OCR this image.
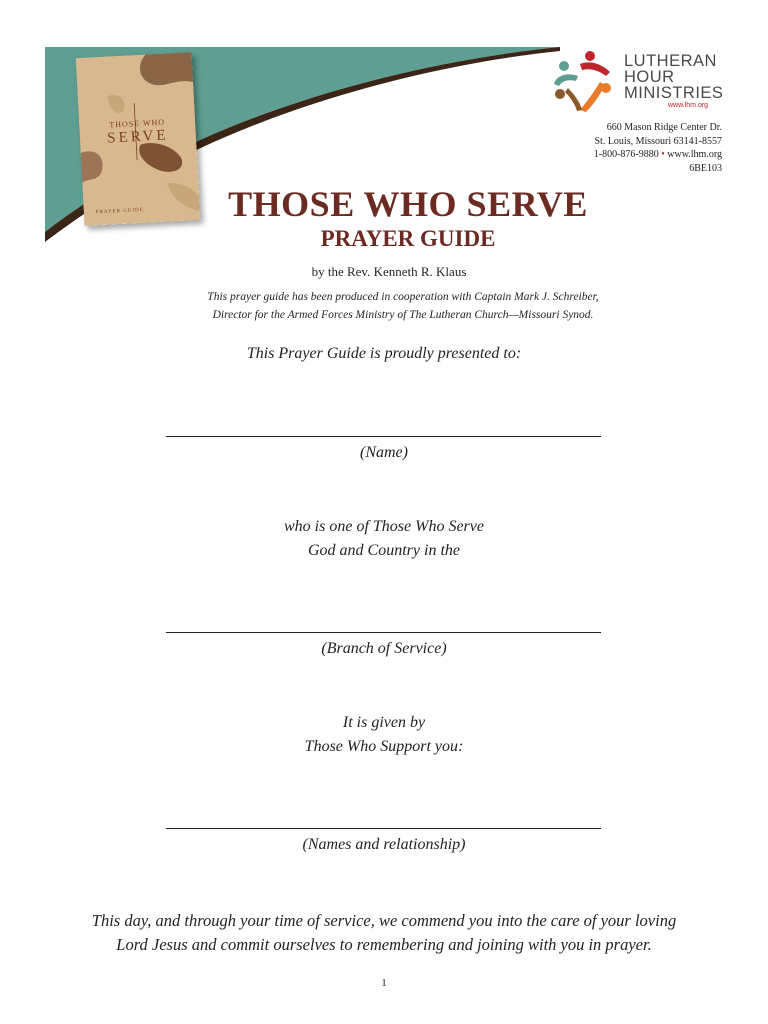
THOSE WHO
SERVE
PRAYER GUIDE
LUTHERAN
HOUR
MINISTRIES
www.lhm.org
660 Mason Ridge Center Dr.
St. Louis, Missouri 63141-8557
1-800-876-9880 • www.lhm.org
6BE103
THOSE WHO SERVE
PRAYER GUIDE
by the Rev. Kenneth R. Klaus
This prayer guide has been produced in cooperation with Captain Mark J. Schreiber,
Director for the Armed Forces Ministry of The Lutheran Church—Missouri Synod.
This Prayer Guide is proudly presented to:
(Name)
who is one of Those Who Serve
God and Country in the
(Branch of Service)
It is given by
Those Who Support you:
(Names and relationship)
This day, and through your time of service, we commend you into the care of your loving
Lord Jesus and commit ourselves to remembering and joining with you in prayer.
1
